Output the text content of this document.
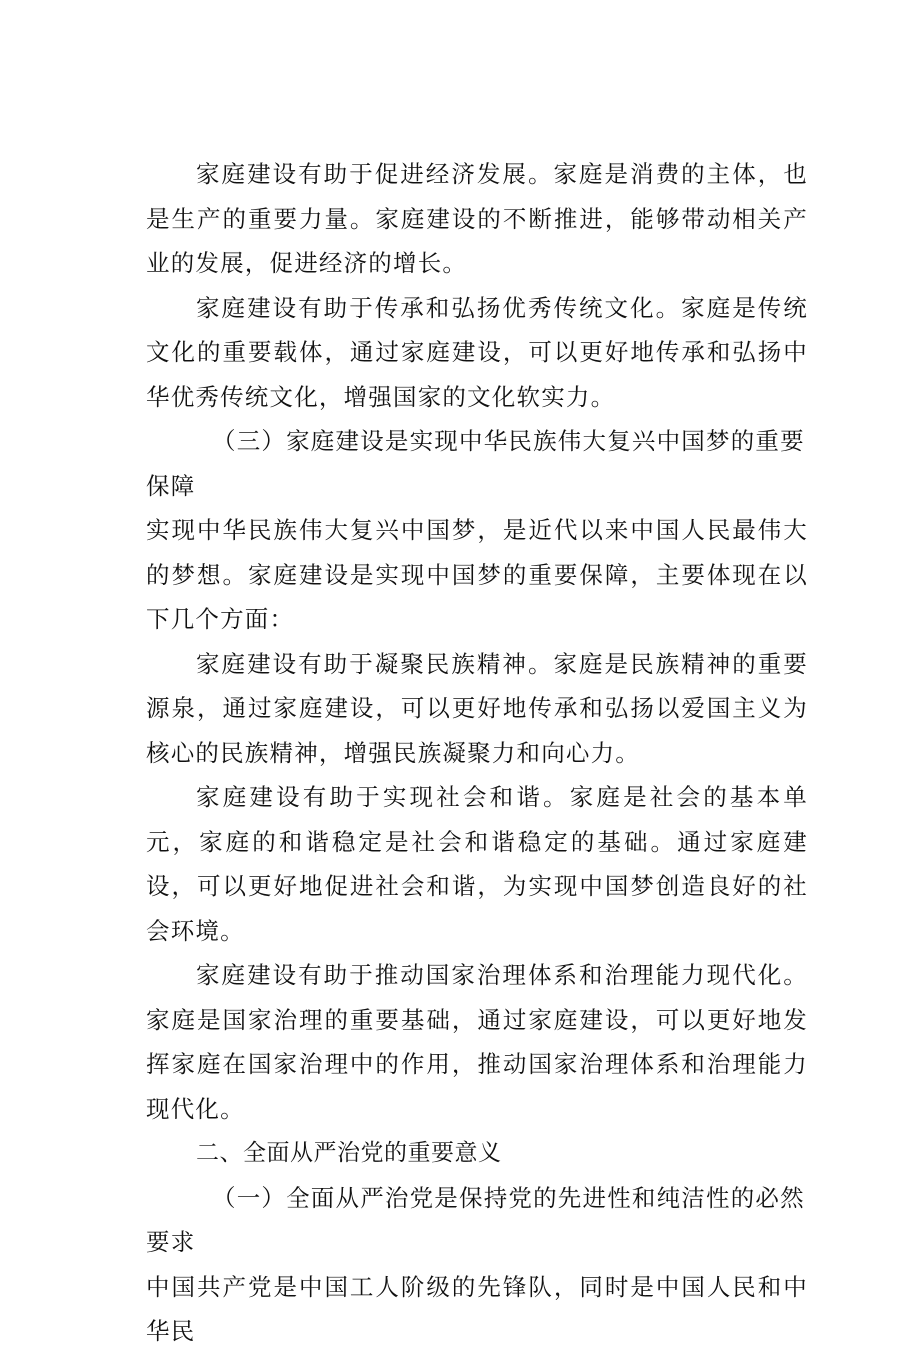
家庭建设有助于促进经济发展。家庭是消费的主体，也是生产的重要力量。家庭建设的不断推进，能够带动相关产业的发展，促进经济的增长。

家庭建设有助于传承和弘扬优秀传统文化。家庭是传统文化的重要载体，通过家庭建设，可以更好地传承和弘扬中华优秀传统文化，增强国家的文化软实力。

（三）家庭建设是实现中华民族伟大复兴中国梦的重要保障

实现中华民族伟大复兴中国梦，是近代以来中国人民最伟大的梦想。家庭建设是实现中国梦的重要保障，主要体现在以下几个方面：

家庭建设有助于凝聚民族精神。家庭是民族精神的重要源泉，通过家庭建设，可以更好地传承和弘扬以爱国主义为核心的民族精神，增强民族凝聚力和向心力。

家庭建设有助于实现社会和谐。家庭是社会的基本单元，家庭的和谐稳定是社会和谐稳定的基础。通过家庭建设，可以更好地促进社会和谐，为实现中国梦创造良好的社会环境。

家庭建设有助于推动国家治理体系和治理能力现代化。家庭是国家治理的重要基础，通过家庭建设，可以更好地发挥家庭在国家治理中的作用，推动国家治理体系和治理能力现代化。

二、全面从严治党的重要意义

（一）全面从严治党是保持党的先进性和纯洁性的必然要求

中国共产党是中国工人阶级的先锋队，同时是中国人民和中华民
